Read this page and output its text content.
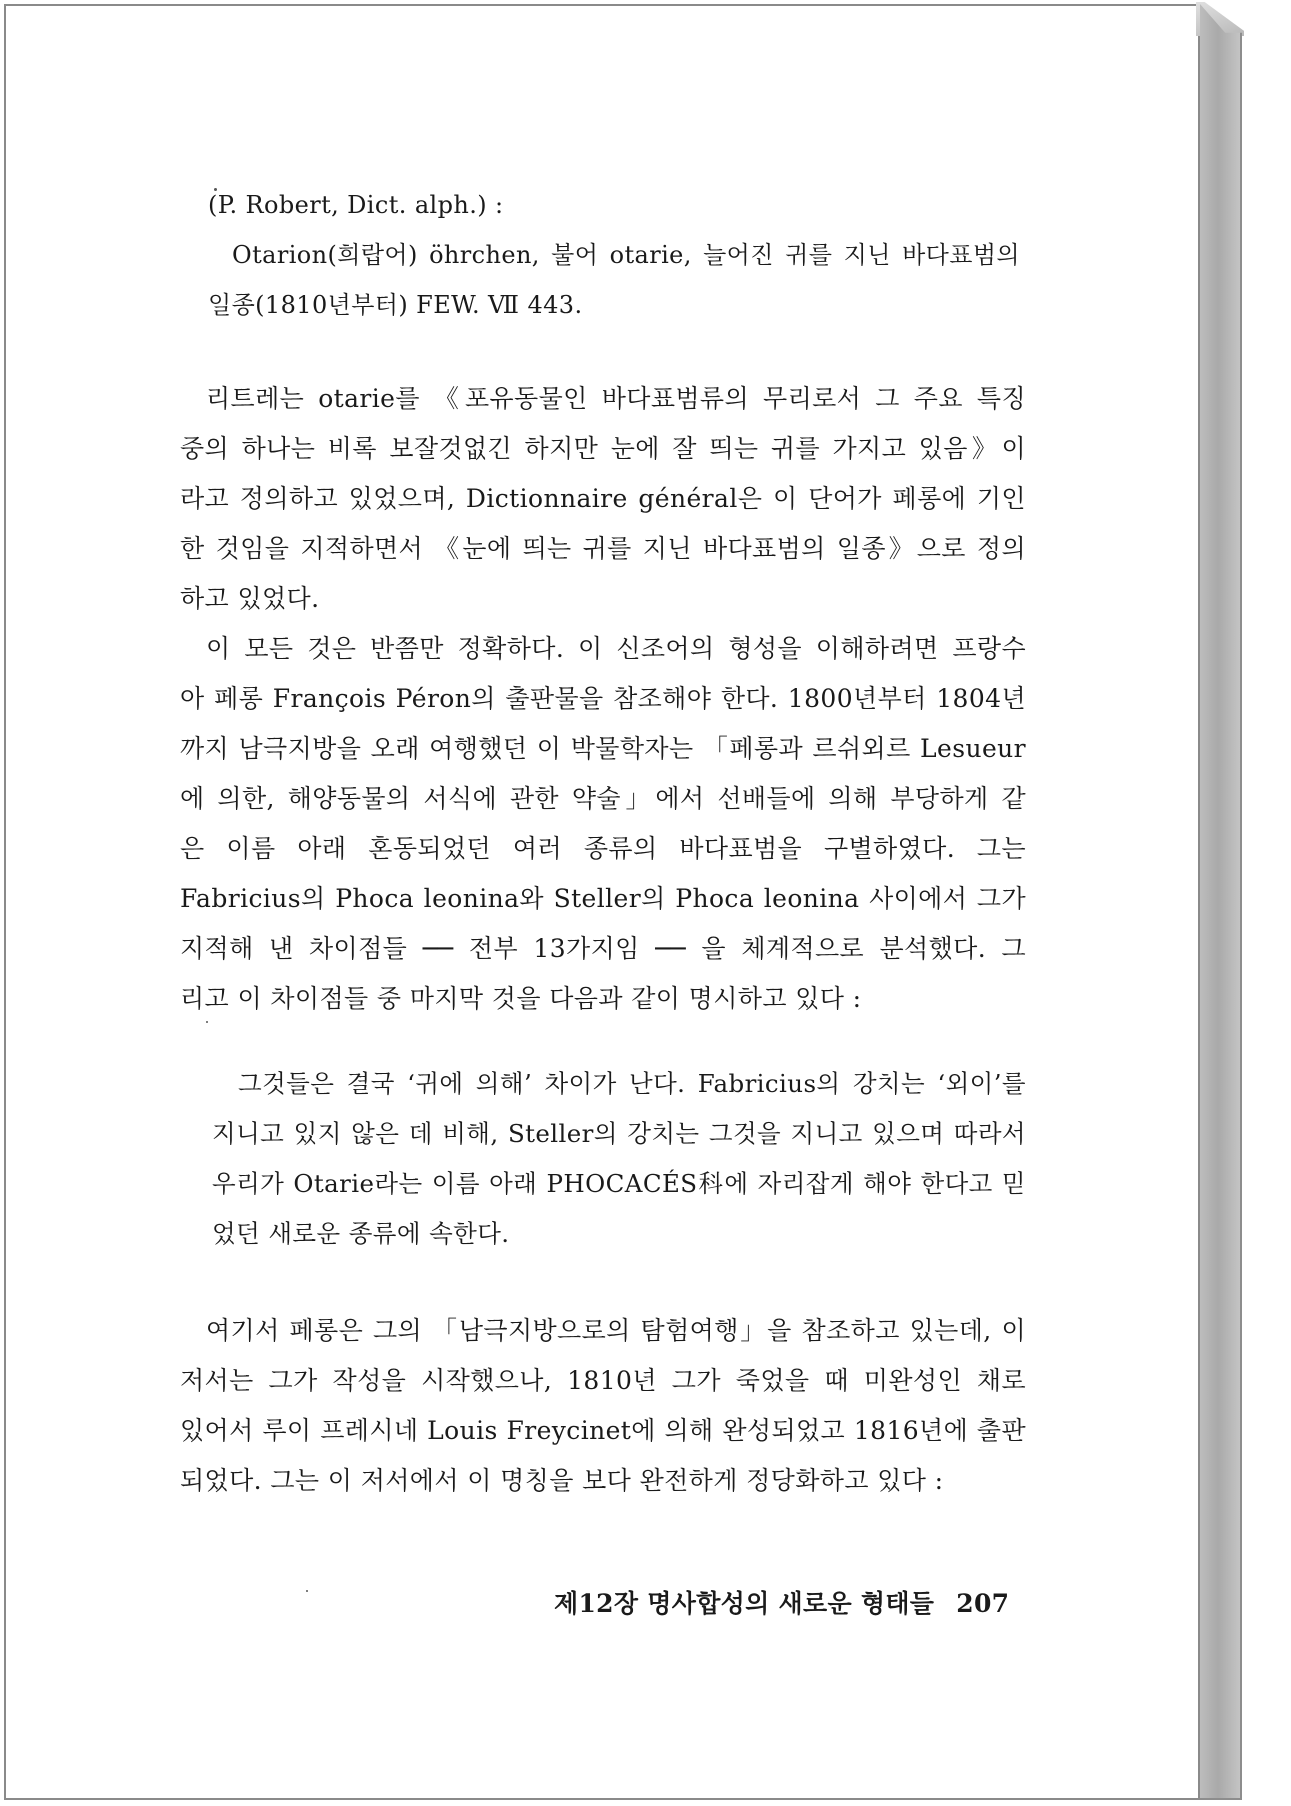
(P. Robert, Dict. alph.) :
Otarion(희랍어) öhrchen, 불어 otarie, 늘어진 귀를 지닌 바다표범의
일종(1810년부터) FEW. Ⅶ 443.
리트레는 otarie를 《포유동물인 바다표범류의 무리로서 그 주요 특징
중의 하나는 비록 보잘것없긴 하지만 눈에 잘 띄는 귀를 가지고 있음》이
라고 정의하고 있었으며, Dictionnaire général은 이 단어가 페롱에 기인
한 것임을 지적하면서 《눈에 띄는 귀를 지닌 바다표범의 일종》으로 정의
하고 있었다.
이 모든 것은 반쯤만 정확하다. 이 신조어의 형성을 이해하려면 프랑수
아 페롱 François Péron의 출판물을 참조해야 한다. 1800년부터 1804년
까지 남극지방을 오래 여행했던 이 박물학자는 「페롱과 르쉬외르 Lesueur
에 의한, 해양동물의 서식에 관한 약술」에서 선배들에 의해 부당하게 같
은 이름 아래 혼동되었던 여러 종류의 바다표범을 구별하였다. 그는
Fabricius의 Phoca leonina와 Steller의 Phoca leonina 사이에서 그가
지적해 낸 차이점들 ── 전부 13가지임 ── 을 체계적으로 분석했다. 그
리고 이 차이점들 중 마지막 것을 다음과 같이 명시하고 있다 :
그것들은 결국 ‘귀에 의해’ 차이가 난다. Fabricius의 강치는 ‘외이’를
지니고 있지 않은 데 비해, Steller의 강치는 그것을 지니고 있으며 따라서
우리가 Otarie라는 이름 아래 PHOCACÉS科에 자리잡게 해야 한다고 믿
었던 새로운 종류에 속한다.
여기서 페롱은 그의 「남극지방으로의 탐험여행」을 참조하고 있는데, 이
저서는 그가 작성을 시작했으나, 1810년 그가 죽었을 때 미완성인 채로
있어서 루이 프레시네 Louis Freycinet에 의해 완성되었고 1816년에 출판
되었다. 그는 이 저서에서 이 명칭을 보다 완전하게 정당화하고 있다 :
제12장 명사합성의 새로운 형태들 207
